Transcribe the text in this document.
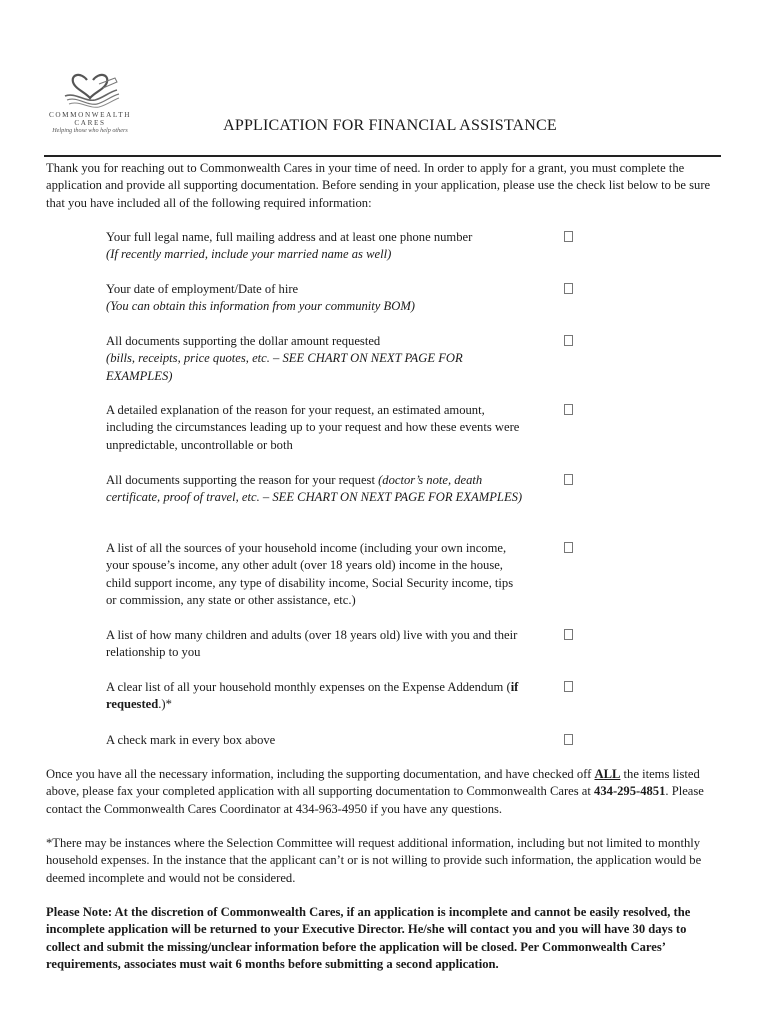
COMMONWEALTH
CARES
Helping those who help others	APPLICATION FOR FINANCIAL ASSISTANCE

Thank you for reaching out to Commonwealth Cares in your time of need. In order to apply for a grant, you must complete the application and provide all supporting documentation. Before sending in your application, please use the check list below to be sure that you have included all of the following required information:

Your full legal name, full mailing address and at least one phone number
(If recently married, include your married name as well)
Your date of employment/Date of hire
(You can obtain this information from your community BOM)
All documents supporting the dollar amount requested
(bills, receipts, price quotes, etc. – SEE CHART ON NEXT PAGE FOR EXAMPLES)
A detailed explanation of the reason for your request, an estimated amount, including the circumstances leading up to your request and how these events were unpredictable, uncontrollable or both
All documents supporting the reason for your request (doctor’s note, death certificate, proof of travel, etc. – SEE CHART ON NEXT PAGE FOR EXAMPLES)
A list of all the sources of your household income (including your own income, your spouse’s income, any other adult (over 18 years old) income in the house, child support income, any type of disability income, Social Security income, tips or commission, any state or other assistance, etc.)
A list of how many children and adults (over 18 years old) live with you and their relationship to you
A clear list of all your household monthly expenses on the Expense Addendum (if requested.)*
A check mark in every box above

Once you have all the necessary information, including the supporting documentation, and have checked off ALL the items listed above, please fax your completed application with all supporting documentation to Commonwealth Cares at 434-295-4851. Please contact the Commonwealth Cares Coordinator at 434-963-4950 if you have any questions.

*There may be instances where the Selection Committee will request additional information, including but not limited to monthly household expenses. In the instance that the applicant can’t or is not willing to provide such information, the application would be deemed incomplete and would not be considered.

Please Note: At the discretion of Commonwealth Cares, if an application is incomplete and cannot be easily resolved, the incomplete application will be returned to your Executive Director. He/she will contact you and you will have 30 days to collect and submit the missing/unclear information before the application will be closed. Per Commonwealth Cares’ requirements, associates must wait 6 months before submitting a second application.
